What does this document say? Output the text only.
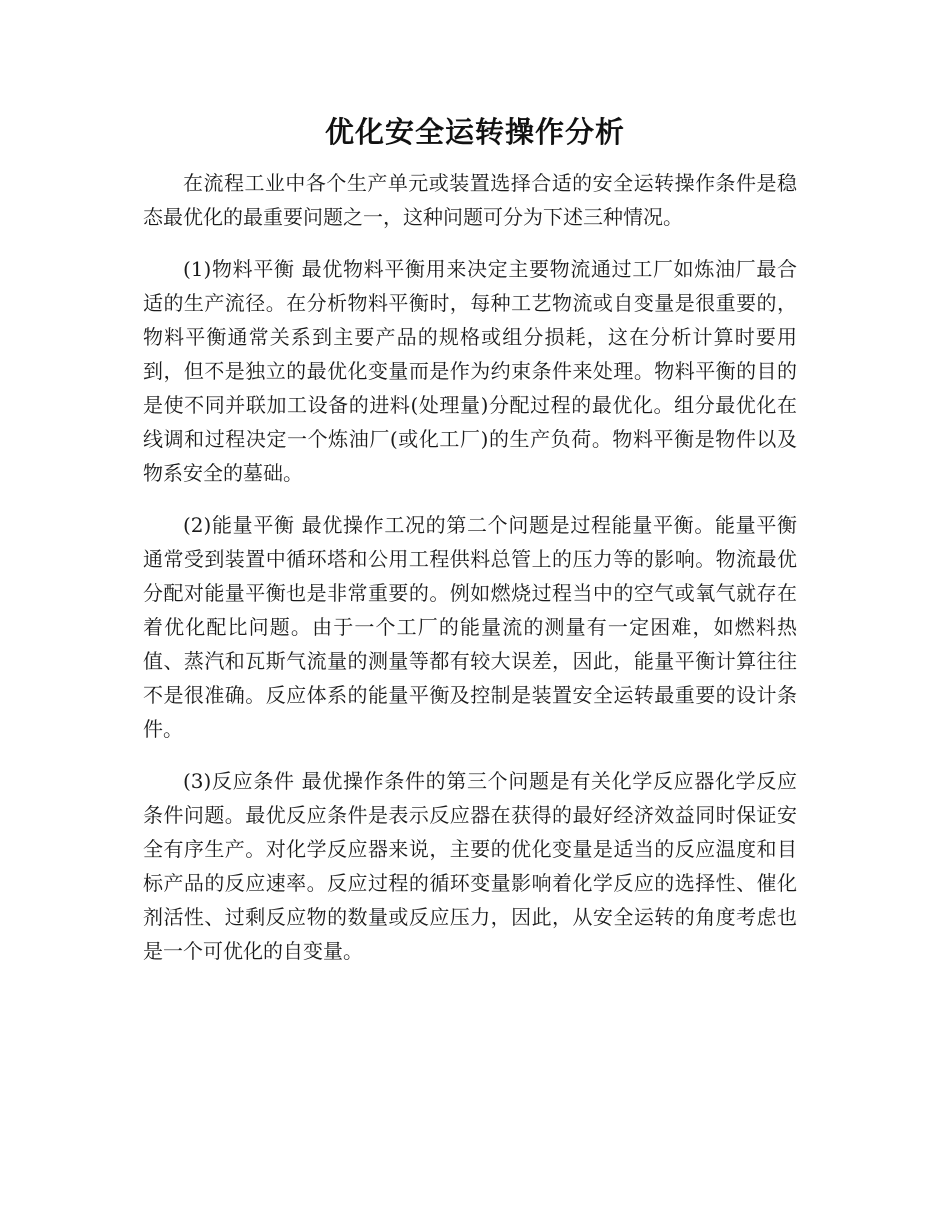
优化安全运转操作分析

在流程工业中各个生产单元或装置选择合适的安全运转操作条件是稳态最优化的最重要问题之一，这种问题可分为下述三种情况。

(1)物料平衡 最优物料平衡用来决定主要物流通过工厂如炼油厂最合适的生产流径。在分析物料平衡时，每种工艺物流或自变量是很重要的，物料平衡通常关系到主要产品的规格或组分损耗，这在分析计算时要用到，但不是独立的最优化变量而是作为约束条件来处理。物料平衡的目的是使不同并联加工设备的进料(处理量)分配过程的最优化。组分最优化在线调和过程决定一个炼油厂(或化工厂)的生产负荷。物料平衡是物件以及物系安全的墓础。

(2)能量平衡 最优操作工况的第二个问题是过程能量平衡。能量平衡通常受到装置中循环塔和公用工程供料总管上的压力等的影响。物流最优分配对能量平衡也是非常重要的。例如燃烧过程当中的空气或氧气就存在着优化配比问题。由于一个工厂的能量流的测量有一定困难，如燃料热值、蒸汽和瓦斯气流量的测量等都有较大误差，因此，能量平衡计算往往不是很准确。反应体系的能量平衡及控制是装置安全运转最重要的设计条件。

(3)反应条件 最优操作条件的第三个问题是有关化学反应器化学反应条件问题。最优反应条件是表示反应器在获得的最好经济效益同时保证安全有序生产。对化学反应器来说，主要的优化变量是适当的反应温度和目标产品的反应速率。反应过程的循环变量影响着化学反应的选择性、催化剂活性、过剩反应物的数量或反应压力，因此，从安全运转的角度考虑也是一个可优化的自变量。
